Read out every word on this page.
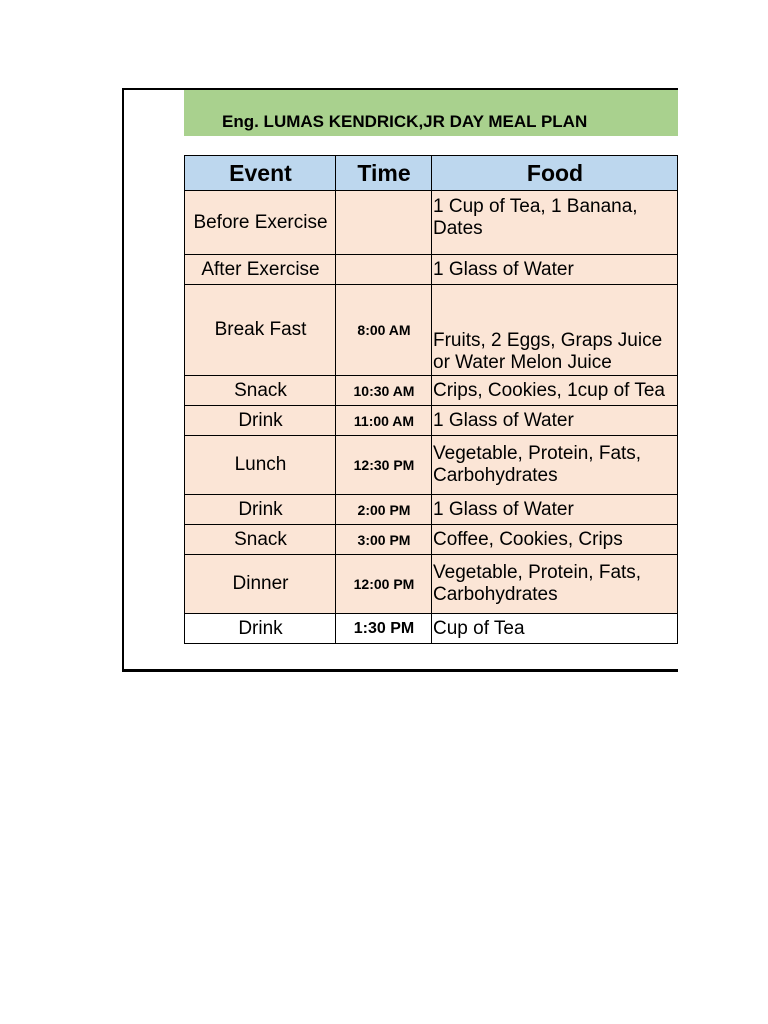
Eng. LUMAS KENDRICK,JR DAY MEAL PLAN
Event	Time	Food
Before Exercise		1 Cup of Tea, 1 Banana, Dates
After Exercise		1 Glass of Water
Break Fast	8:00 AM	Fruits, 2 Eggs, Graps Juice or Water Melon Juice
Snack	10:30 AM	Crips, Cookies, 1cup of Tea
Drink	11:00 AM	1 Glass of Water
Lunch	12:30 PM	Vegetable, Protein, Fats, Carbohydrates
Drink	2:00 PM	1 Glass of Water
Snack	3:00 PM	Coffee, Cookies, Crips
Dinner	12:00 PM	Vegetable, Protein, Fats, Carbohydrates
Drink	1:30 PM	Cup of Tea
